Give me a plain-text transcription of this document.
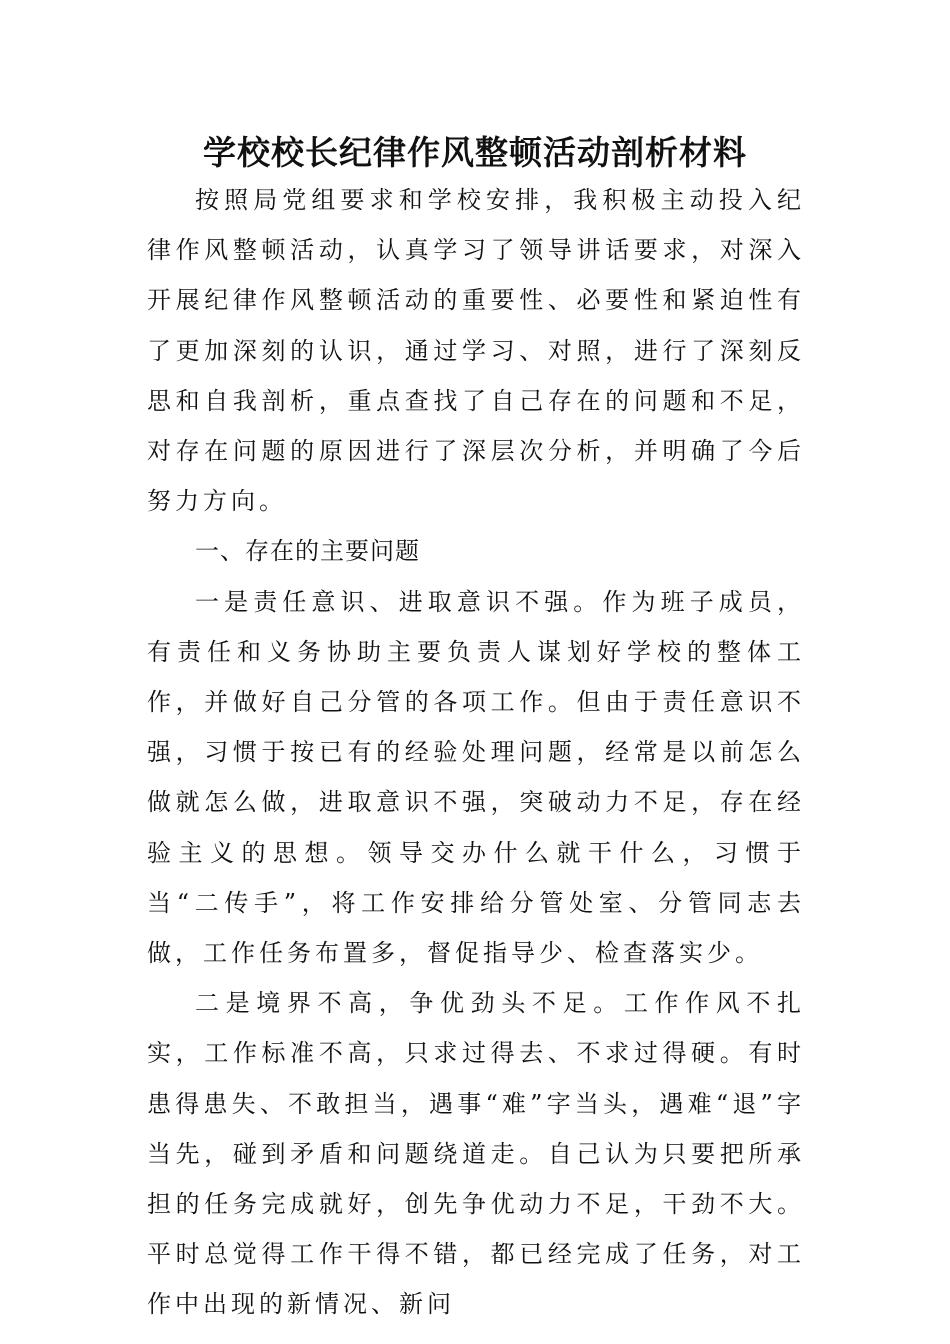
学校校长纪律作风整顿活动剖析材料

按照局党组要求和学校安排，我积极主动投入纪律作风整顿活动，认真学习了领导讲话要求，对深入开展纪律作风整顿活动的重要性、必要性和紧迫性有了更加深刻的认识，通过学习、对照，进行了深刻反思和自我剖析，重点查找了自己存在的问题和不足，对存在问题的原因进行了深层次分析，并明确了今后努力方向。

一、存在的主要问题

一是责任意识、进取意识不强。作为班子成员，有责任和义务协助主要负责人谋划好学校的整体工作，并做好自己分管的各项工作。但由于责任意识不强，习惯于按已有的经验处理问题，经常是以前怎么做就怎么做，进取意识不强，突破动力不足，存在经验主义的思想。领导交办什么就干什么，习惯于当“二传手”，将工作安排给分管处室、分管同志去做，工作任务布置多，督促指导少、检查落实少。

二是境界不高，争优劲头不足。工作作风不扎实，工作标准不高，只求过得去、不求过得硬。有时患得患失、不敢担当，遇事“难”字当头，遇难“退”字当先，碰到矛盾和问题绕道走。自己认为只要把所承担的任务完成就好，创先争优动力不足，干劲不大。平时总觉得工作干得不错，都已经完成了任务，对工作中出现的新情况、新问
